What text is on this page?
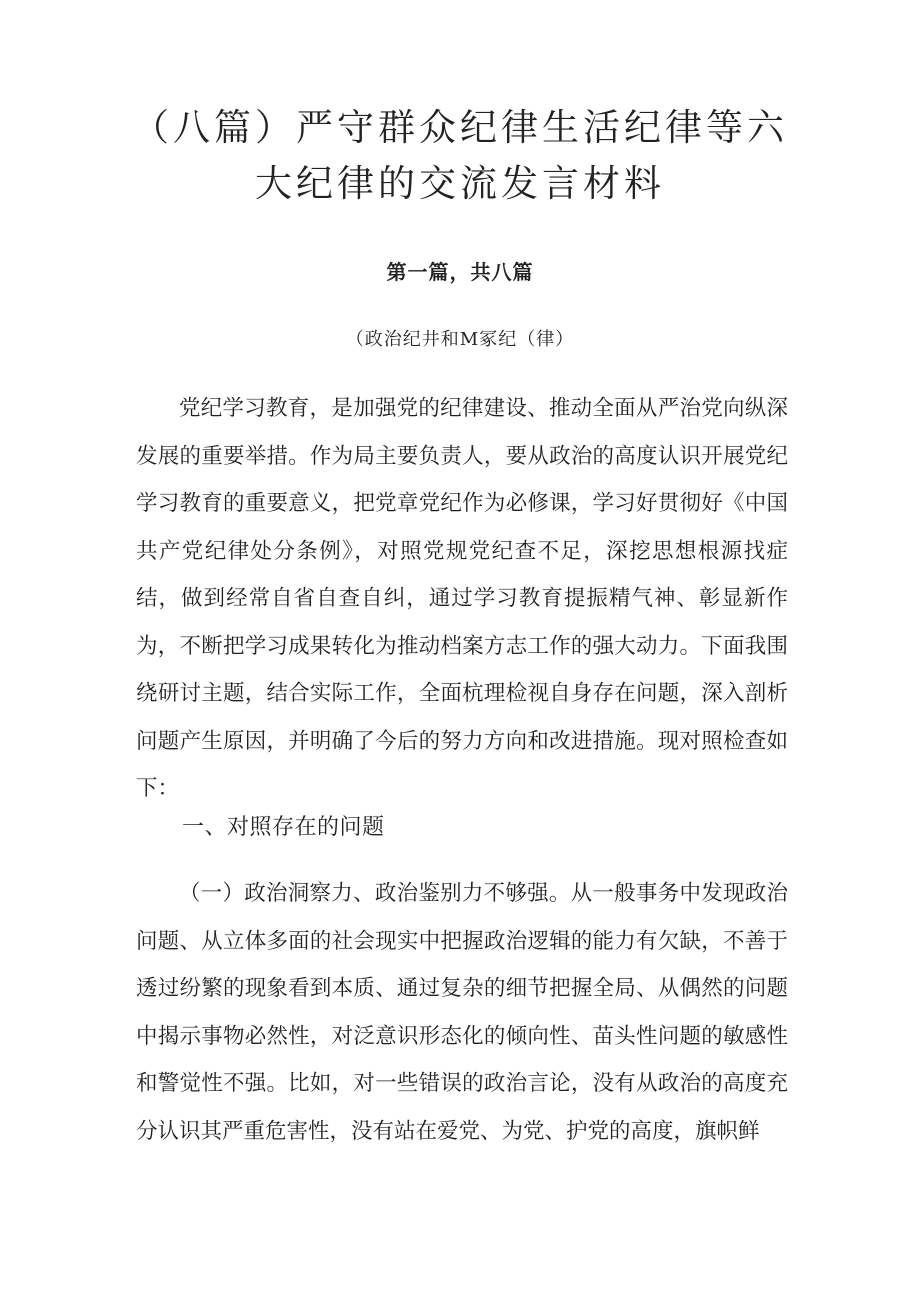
（八篇）严守群众纪律生活纪律等六大纪律的交流发言材料
第一篇，共八篇
（政治纪井和M冢纪（律）

党纪学习教育，是加强党的纪律建设、推动全面从严治党向纵深发展的重要举措。作为局主要负责人，要从政治的高度认识开展党纪学习教育的重要意义，把党章党纪作为必修课，学习好贯彻好《中国共产党纪律处分条例》，对照党规党纪查不足，深挖思想根源找症结，做到经常自省自查自纠，通过学习教育提振精气神、彰显新作为，不断把学习成果转化为推动档案方志工作的强大动力。下面我围绕研讨主题，结合实际工作，全面杭理检视自身存在问题，深入剖析问题产生原因，并明确了今后的努力方向和改进措施。现对照检查如下：

一、对照存在的问题

（一）政治洞察力、政治鉴别力不够强。从一般事务中发现政治问题、从立体多面的社会现实中把握政治逻辑的能力有欠缺，不善于透过纷繁的现象看到本质、通过复杂的细节把握全局、从偶然的问题中揭示事物必然性，对泛意识形态化的倾向性、苗头性问题的敏感性和警觉性不强。比如，对一些错误的政治言论，没有从政治的高度充分认识其严重危害性，没有站在爱党、为党、护党的高度，旗帜鲜
